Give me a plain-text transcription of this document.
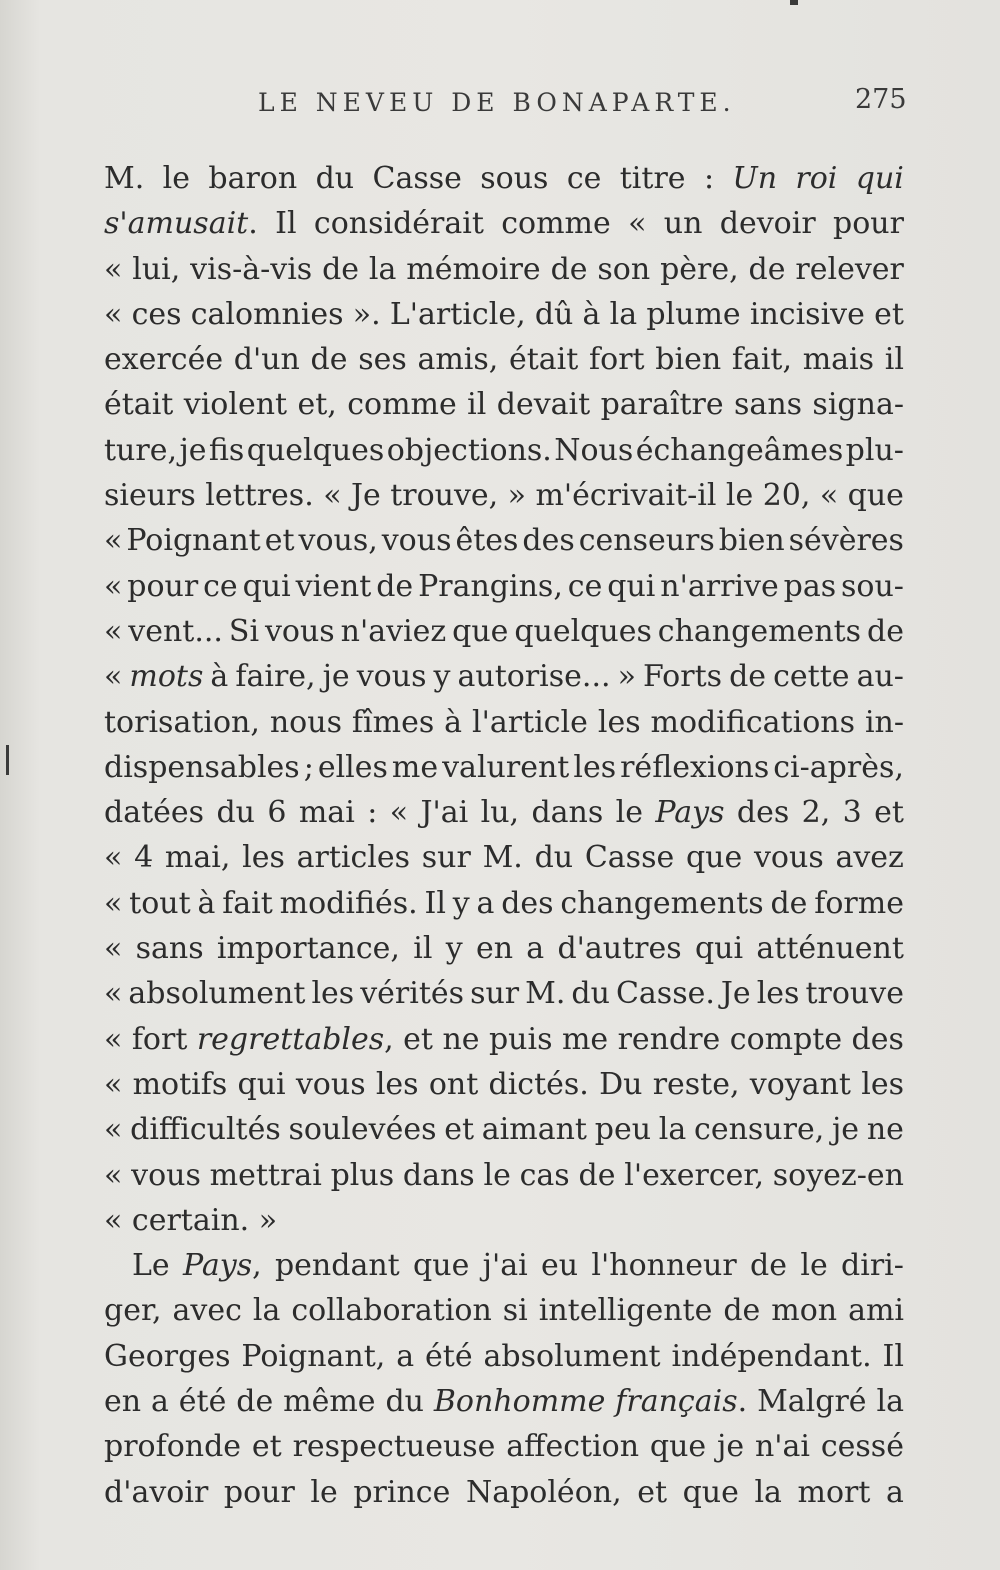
LE NEVEU DE BONAPARTE.	275
M. le baron du Casse sous ce titre : Un roi qui
s'amusait. Il considérait comme « un devoir pour
« lui, vis-à-vis de la mémoire de son père, de relever
« ces calomnies ». L'article, dû à la plume incisive et
exercée d'un de ses amis, était fort bien fait, mais il
était violent et, comme il devait paraître sans signa-
ture, je fis quelques objections. Nous échangeâmes plu-
sieurs lettres. « Je trouve, » m'écrivait-il le 20, « que
« Poignant et vous, vous êtes des censeurs bien sévères
« pour ce qui vient de Prangins, ce qui n'arrive pas sou-
« vent... Si vous n'aviez que quelques changements de
« mots à faire, je vous y autorise... » Forts de cette au-
torisation, nous fîmes à l'article les modifications in-
dispensables ; elles me valurent les réflexions ci-après,
datées du 6 mai : « J'ai lu, dans le Pays des 2, 3 et
« 4 mai, les articles sur M. du Casse que vous avez
« tout à fait modifiés. Il y a des changements de forme
« sans importance, il y en a d'autres qui atténuent
« absolument les vérités sur M. du Casse. Je les trouve
« fort regrettables, et ne puis me rendre compte des
« motifs qui vous les ont dictés. Du reste, voyant les
« difficultés soulevées et aimant peu la censure, je ne
« vous mettrai plus dans le cas de l'exercer, soyez-en
« certain. »
Le Pays, pendant que j'ai eu l'honneur de le diri-
ger, avec la collaboration si intelligente de mon ami
Georges Poignant, a été absolument indépendant. Il
en a été de même du Bonhomme français. Malgré la
profonde et respectueuse affection que je n'ai cessé
d'avoir pour le prince Napoléon, et que la mort a
